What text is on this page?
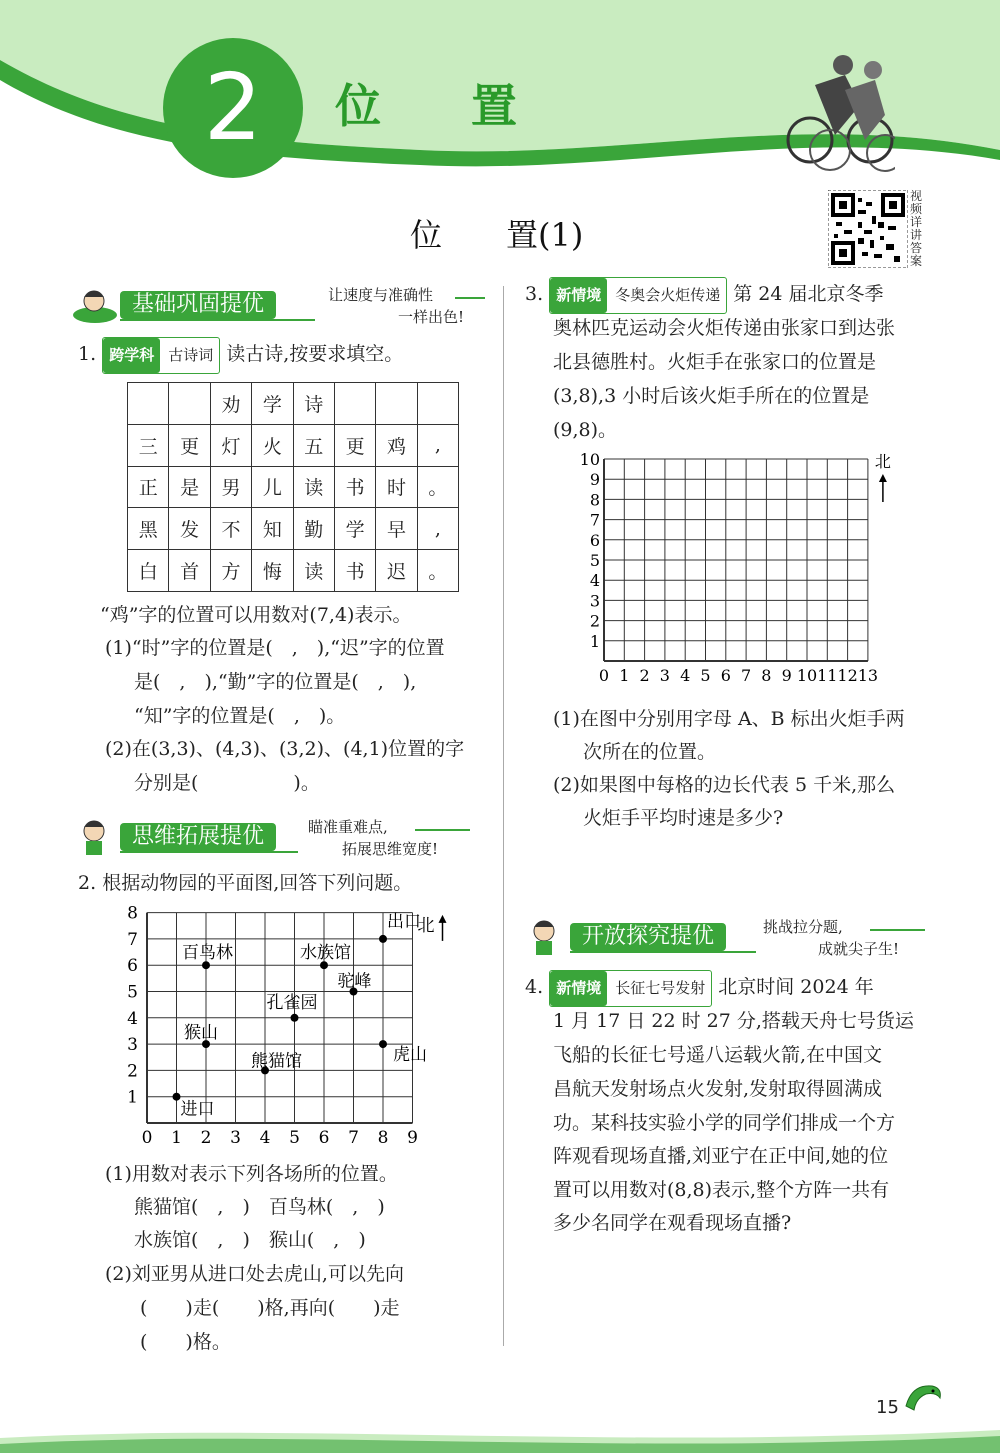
2	位 置
位　　置(1)
视频详讲答案
基础巩固提优	让速度与准确性
一样出色!
1. 跨学科 古诗词 读古诗,按要求填空。
		劝	学	诗			
三	更	灯	火	五	更	鸡	,
正	是	男	儿	读	书	时	。
黑	发	不	知	勤	学	早	,
白	首	方	悔	读	书	迟	。
“鸡”字的位置可以用数对(7,4)表示。
(1)“时”字的位置是(　,　),“迟”字的位置
是(　,　),“勤”字的位置是(　,　),
“知”字的位置是(　,　)。
(2)在(3,3)、(4,3)、(3,2)、(4,1)位置的字
分别是(　　　　　)。
思维拓展提优	瞄准重难点,
拓展思维宽度!
2. 根据动物园的平面图,回答下列问题。
0 1 2 3 4 5 6 7 8 9
1
2
3
4
5
6
7
8
进口
猴山
百鸟林
熊猫馆
孔雀园
水族馆
驼峰
虎山
出口
北
(1)用数对表示下列各场所的位置。
熊猫馆(　,　)　百鸟林(　,　)
水族馆(　,　)　猴山(　,　)
(2)刘亚男从进口处去虎山,可以先向
(　　)走(　　)格,再向(　　)走
(　　)格。
3. 新情境 冬奥会火炬传递 第 24 届北京冬季
奥林匹克运动会火炬传递由张家口到达张
北县德胜村。火炬手在张家口的位置是
(3,8),3 小时后该火炬手所在的位置是
(9,8)。
0 1 2 3 4 5 6 7 8 9 10 11 12 13
1
2
3
4
5
6
7
8
9
10	北
(1)在图中分别用字母 A、B 标出火炬手两
次所在的位置。
(2)如果图中每格的边长代表 5 千米,那么
火炬手平均时速是多少?
开放探究提优	挑战拉分题,
成就尖子生!
4. 新情境 长征七号发射 北京时间 2024 年
1 月 17 日 22 时 27 分,搭载天舟七号货运
飞船的长征七号遥八运载火箭,在中国文
昌航天发射场点火发射,发射取得圆满成
功。某科技实验小学的同学们排成一个方
阵观看现场直播,刘亚宁在正中间,她的位
置可以用数对(8,8)表示,整个方阵一共有
多少名同学在观看现场直播?
15
